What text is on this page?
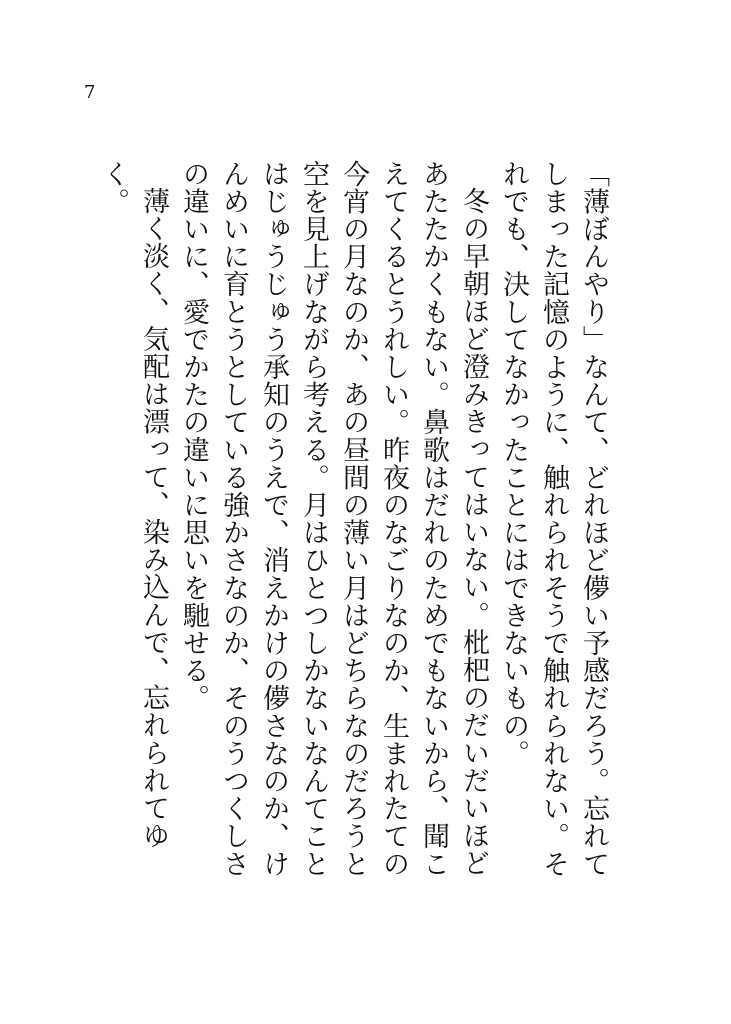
7

「薄ぼんやり」なんて、どれほど儚い予感だろう。忘れてしまった記憶のように、触れられそうで触れられない。それでも、決してなかったことにはできないもの。

冬の早朝ほど澄みきってはいない。枇杷のだいだいほどあたたかくもない。鼻歌はだれのためでもないから、聞こえてくるとうれしい。昨夜のなごりなのか、生まれたての今宵の月なのか、あの昼間の薄い月はどちらなのだろうと空を見上げながら考える。月はひとつしかないなんてことはじゅうじゅう承知のうえで、消えかけの儚さなのか、けんめいに育とうとしている強かさなのか、そのうつくしさの違いに、愛でかたの違いに思いを馳せる。

薄く淡く、気配は漂って、染み込んで、忘れられてゆく。
